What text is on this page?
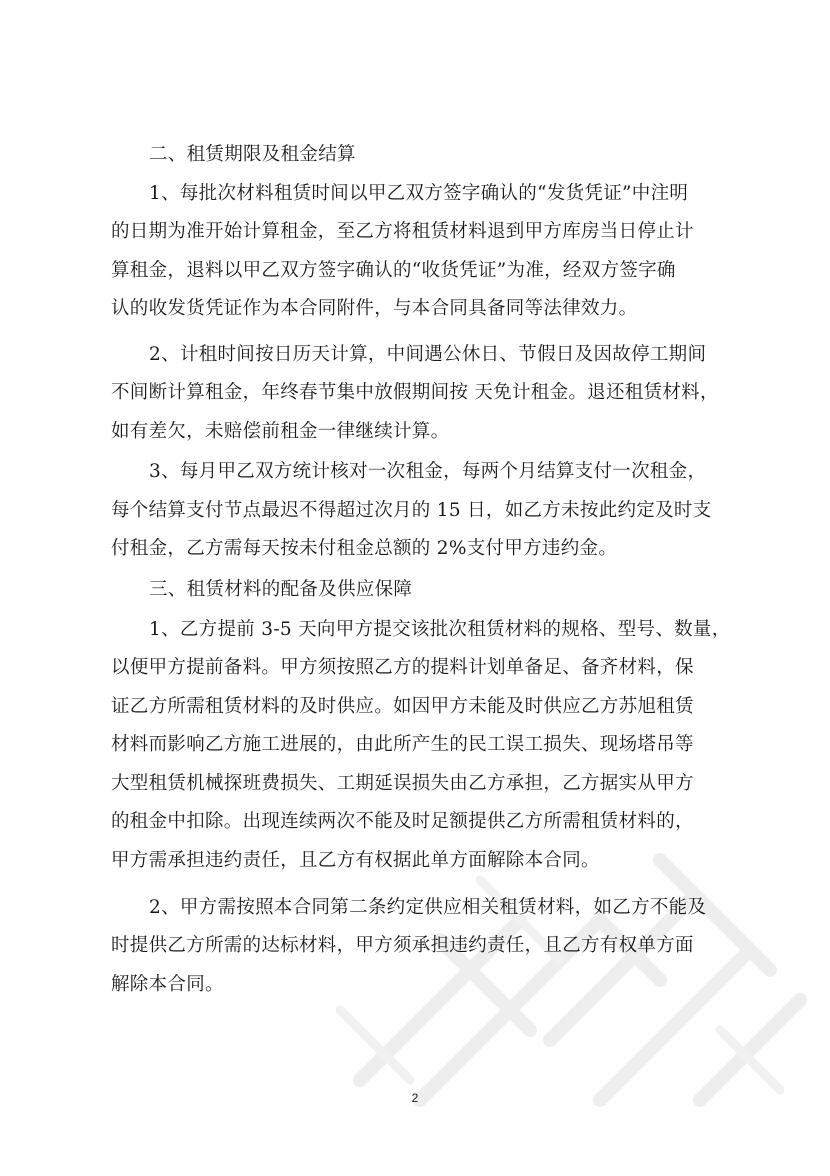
二、租赁期限及租金结算
1、每批次材料租赁时间以甲乙双方签字确认的“发货凭证”中注明
的日期为准开始计算租金，至乙方将租赁材料退到甲方库房当日停止计
算租金，退料以甲乙双方签字确认的“收货凭证”为准，经双方签字确
认的收发货凭证作为本合同附件，与本合同具备同等法律效力。
2、计租时间按日历天计算，中间遇公休日、节假日及因故停工期间
不间断计算租金，年终春节集中放假期间按 天免计租金。退还租赁材料，
如有差欠，未赔偿前租金一律继续计算。
3、每月甲乙双方统计核对一次租金，每两个月结算支付一次租金，
每个结算支付节点最迟不得超过次月的 15 日，如乙方未按此约定及时支
付租金，乙方需每天按未付租金总额的 2%支付甲方违约金。
三、租赁材料的配备及供应保障
1、乙方提前 3-5 天向甲方提交该批次租赁材料的规格、型号、数量，
以便甲方提前备料。甲方须按照乙方的提料计划单备足、备齐材料，保
证乙方所需租赁材料的及时供应。如因甲方未能及时供应乙方苏旭租赁
材料而影响乙方施工进展的，由此所产生的民工误工损失、现场塔吊等
大型租赁机械探班费损失、工期延误损失由乙方承担，乙方据实从甲方
的租金中扣除。出现连续两次不能及时足额提供乙方所需租赁材料的，
甲方需承担违约责任，且乙方有权据此单方面解除本合同。
2、甲方需按照本合同第二条约定供应相关租赁材料，如乙方不能及
时提供乙方所需的达标材料，甲方须承担违约责任，且乙方有权单方面
解除本合同。
2
